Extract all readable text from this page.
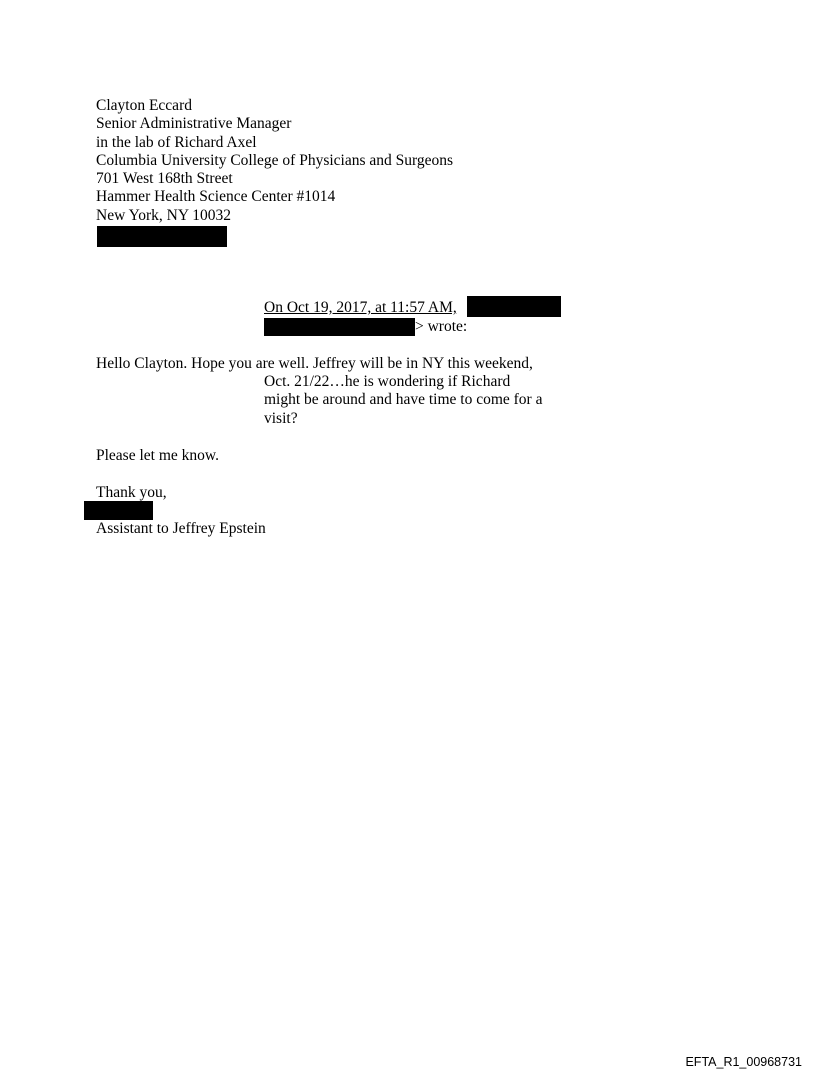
Clayton Eccard
Senior Administrative Manager
in the lab of Richard Axel
Columbia University College of Physicians and Surgeons
701 West 168th Street
Hammer Health Science Center #1014
New York, NY 10032
On Oct 19, 2017, at 11:57 AM,
> wrote:
Hello Clayton. Hope you are well. Jeffrey will be in NY this weekend,
Oct. 21/22…he is wondering if Richard
might be around and have time to come for a
visit?
Please let me know.
Thank you,
Assistant to Jeffrey Epstein
EFTA_R1_00968731
